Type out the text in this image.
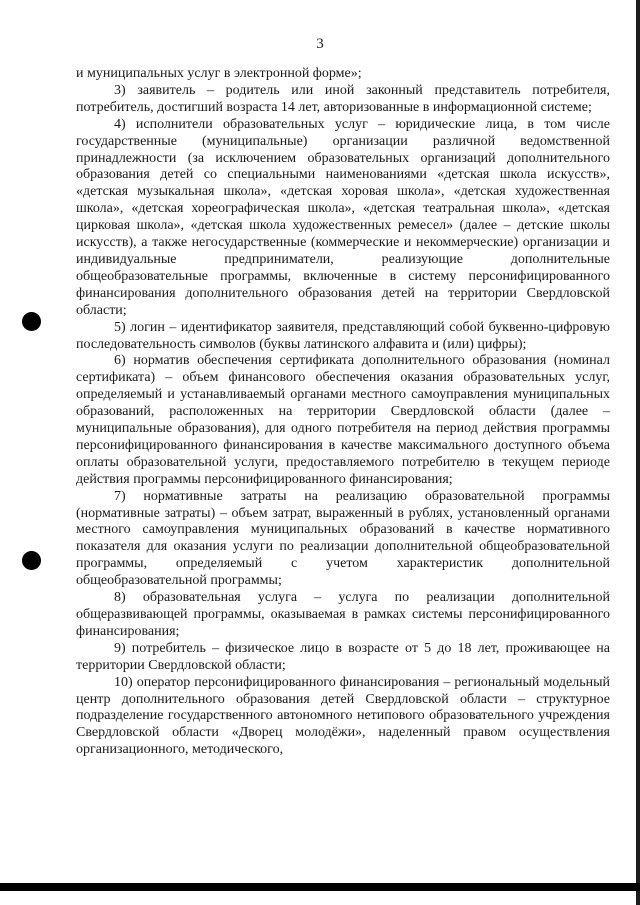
3

и муниципальных услуг в электронной форме»;

3) заявитель – родитель или иной законный представитель потребителя, потребитель, достигший возраста 14 лет, авторизованные в информационной системе;

4) исполнители образовательных услуг – юридические лица, в том числе государственные (муниципальные) организации различной ведомственной принадлежности (за исключением образовательных организаций дополнительного образования детей со специальными наименованиями «детская школа искусств», «детская музыкальная школа», «детская хоровая школа», «детская художественная школа», «детская хореографическая школа», «детская театральная школа», «детская цирковая школа», «детская школа художественных ремесел» (далее – детские школы искусств), а также негосударственные (коммерческие и некоммерческие) организации и индивидуальные предприниматели, реализующие дополнительные общеобразовательные программы, включенные в систему персонифицированного финансирования дополнительного образования детей на территории Свердловской области;

5) логин – идентификатор заявителя, представляющий собой буквенно-цифровую последовательность символов (буквы латинского алфавита и (или) цифры);

6) норматив обеспечения сертификата дополнительного образования (номинал сертификата) – объем финансового обеспечения оказания образовательных услуг, определяемый и устанавливаемый органами местного самоуправления муниципальных образований, расположенных на территории Свердловской области (далее – муниципальные образования), для одного потребителя на период действия программы персонифицированного финансирования в качестве максимального доступного объема оплаты образовательной услуги, предоставляемого потребителю в текущем периоде действия программы персонифицированного финансирования;

7) нормативные затраты на реализацию образовательной программы (нормативные затраты) – объем затрат, выраженный в рублях, установленный органами местного самоуправления муниципальных образований в качестве нормативного показателя для оказания услуги по реализации дополнительной общеобразовательной программы, определяемый с учетом характеристик дополнительной общеобразовательной программы;

8) образовательная услуга – услуга по реализации дополнительной общеразвивающей программы, оказываемая в рамках системы персонифицированного финансирования;

9) потребитель – физическое лицо в возрасте от 5 до 18 лет, проживающее на территории Свердловской области;

10) оператор персонифицированного финансирования – региональный модельный центр дополнительного образования детей Свердловской области – структурное подразделение государственного автономного нетипового образовательного учреждения Свердловской области «Дворец молодёжи», наделенный правом осуществления организационного, методического,
